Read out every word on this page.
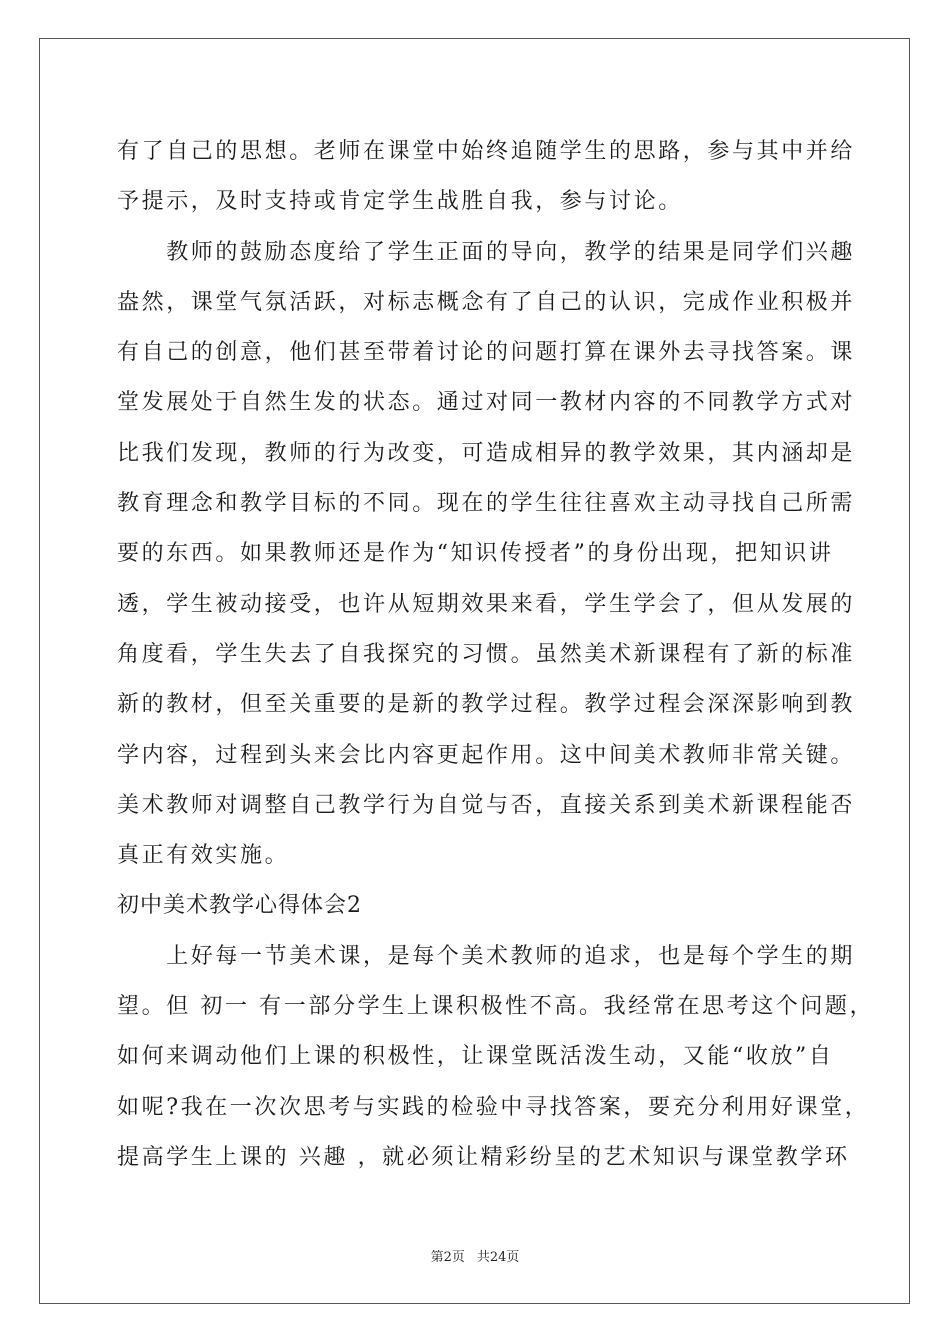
有了自己的思想。老师在课堂中始终追随学生的思路，参与其中并给
予提示，及时支持或肯定学生战胜自我，参与讨论。
　　教师的鼓励态度给了学生正面的导向，教学的结果是同学们兴趣
盎然，课堂气氛活跃，对标志概念有了自己的认识，完成作业积极并
有自己的创意，他们甚至带着讨论的问题打算在课外去寻找答案。课
堂发展处于自然生发的状态。通过对同一教材内容的不同教学方式对
比我们发现，教师的行为改变，可造成相异的教学效果，其内涵却是
教育理念和教学目标的不同。现在的学生往往喜欢主动寻找自己所需
要的东西。如果教师还是作为“知识传授者”的身份出现，把知识讲
透，学生被动接受，也许从短期效果来看，学生学会了，但从发展的
角度看，学生失去了自我探究的习惯。虽然美术新课程有了新的标准
新的教材，但至关重要的是新的教学过程。教学过程会深深影响到教
学内容，过程到头来会比内容更起作用。这中间美术教师非常关键。
美术教师对调整自己教学行为自觉与否，直接关系到美术新课程能否
真正有效实施。
初中美术教学心得体会2
　　上好每一节美术课，是每个美术教师的追求，也是每个学生的期
望。但 初一 有一部分学生上课积极性不高。我经常在思考这个问题，
如何来调动他们上课的积极性，让课堂既活泼生动，又能“收放”自
如呢?我在一次次思考与实践的检验中寻找答案，要充分利用好课堂，
提高学生上课的 兴趣 ，就必须让精彩纷呈的艺术知识与课堂教学环
第2页 共24页
